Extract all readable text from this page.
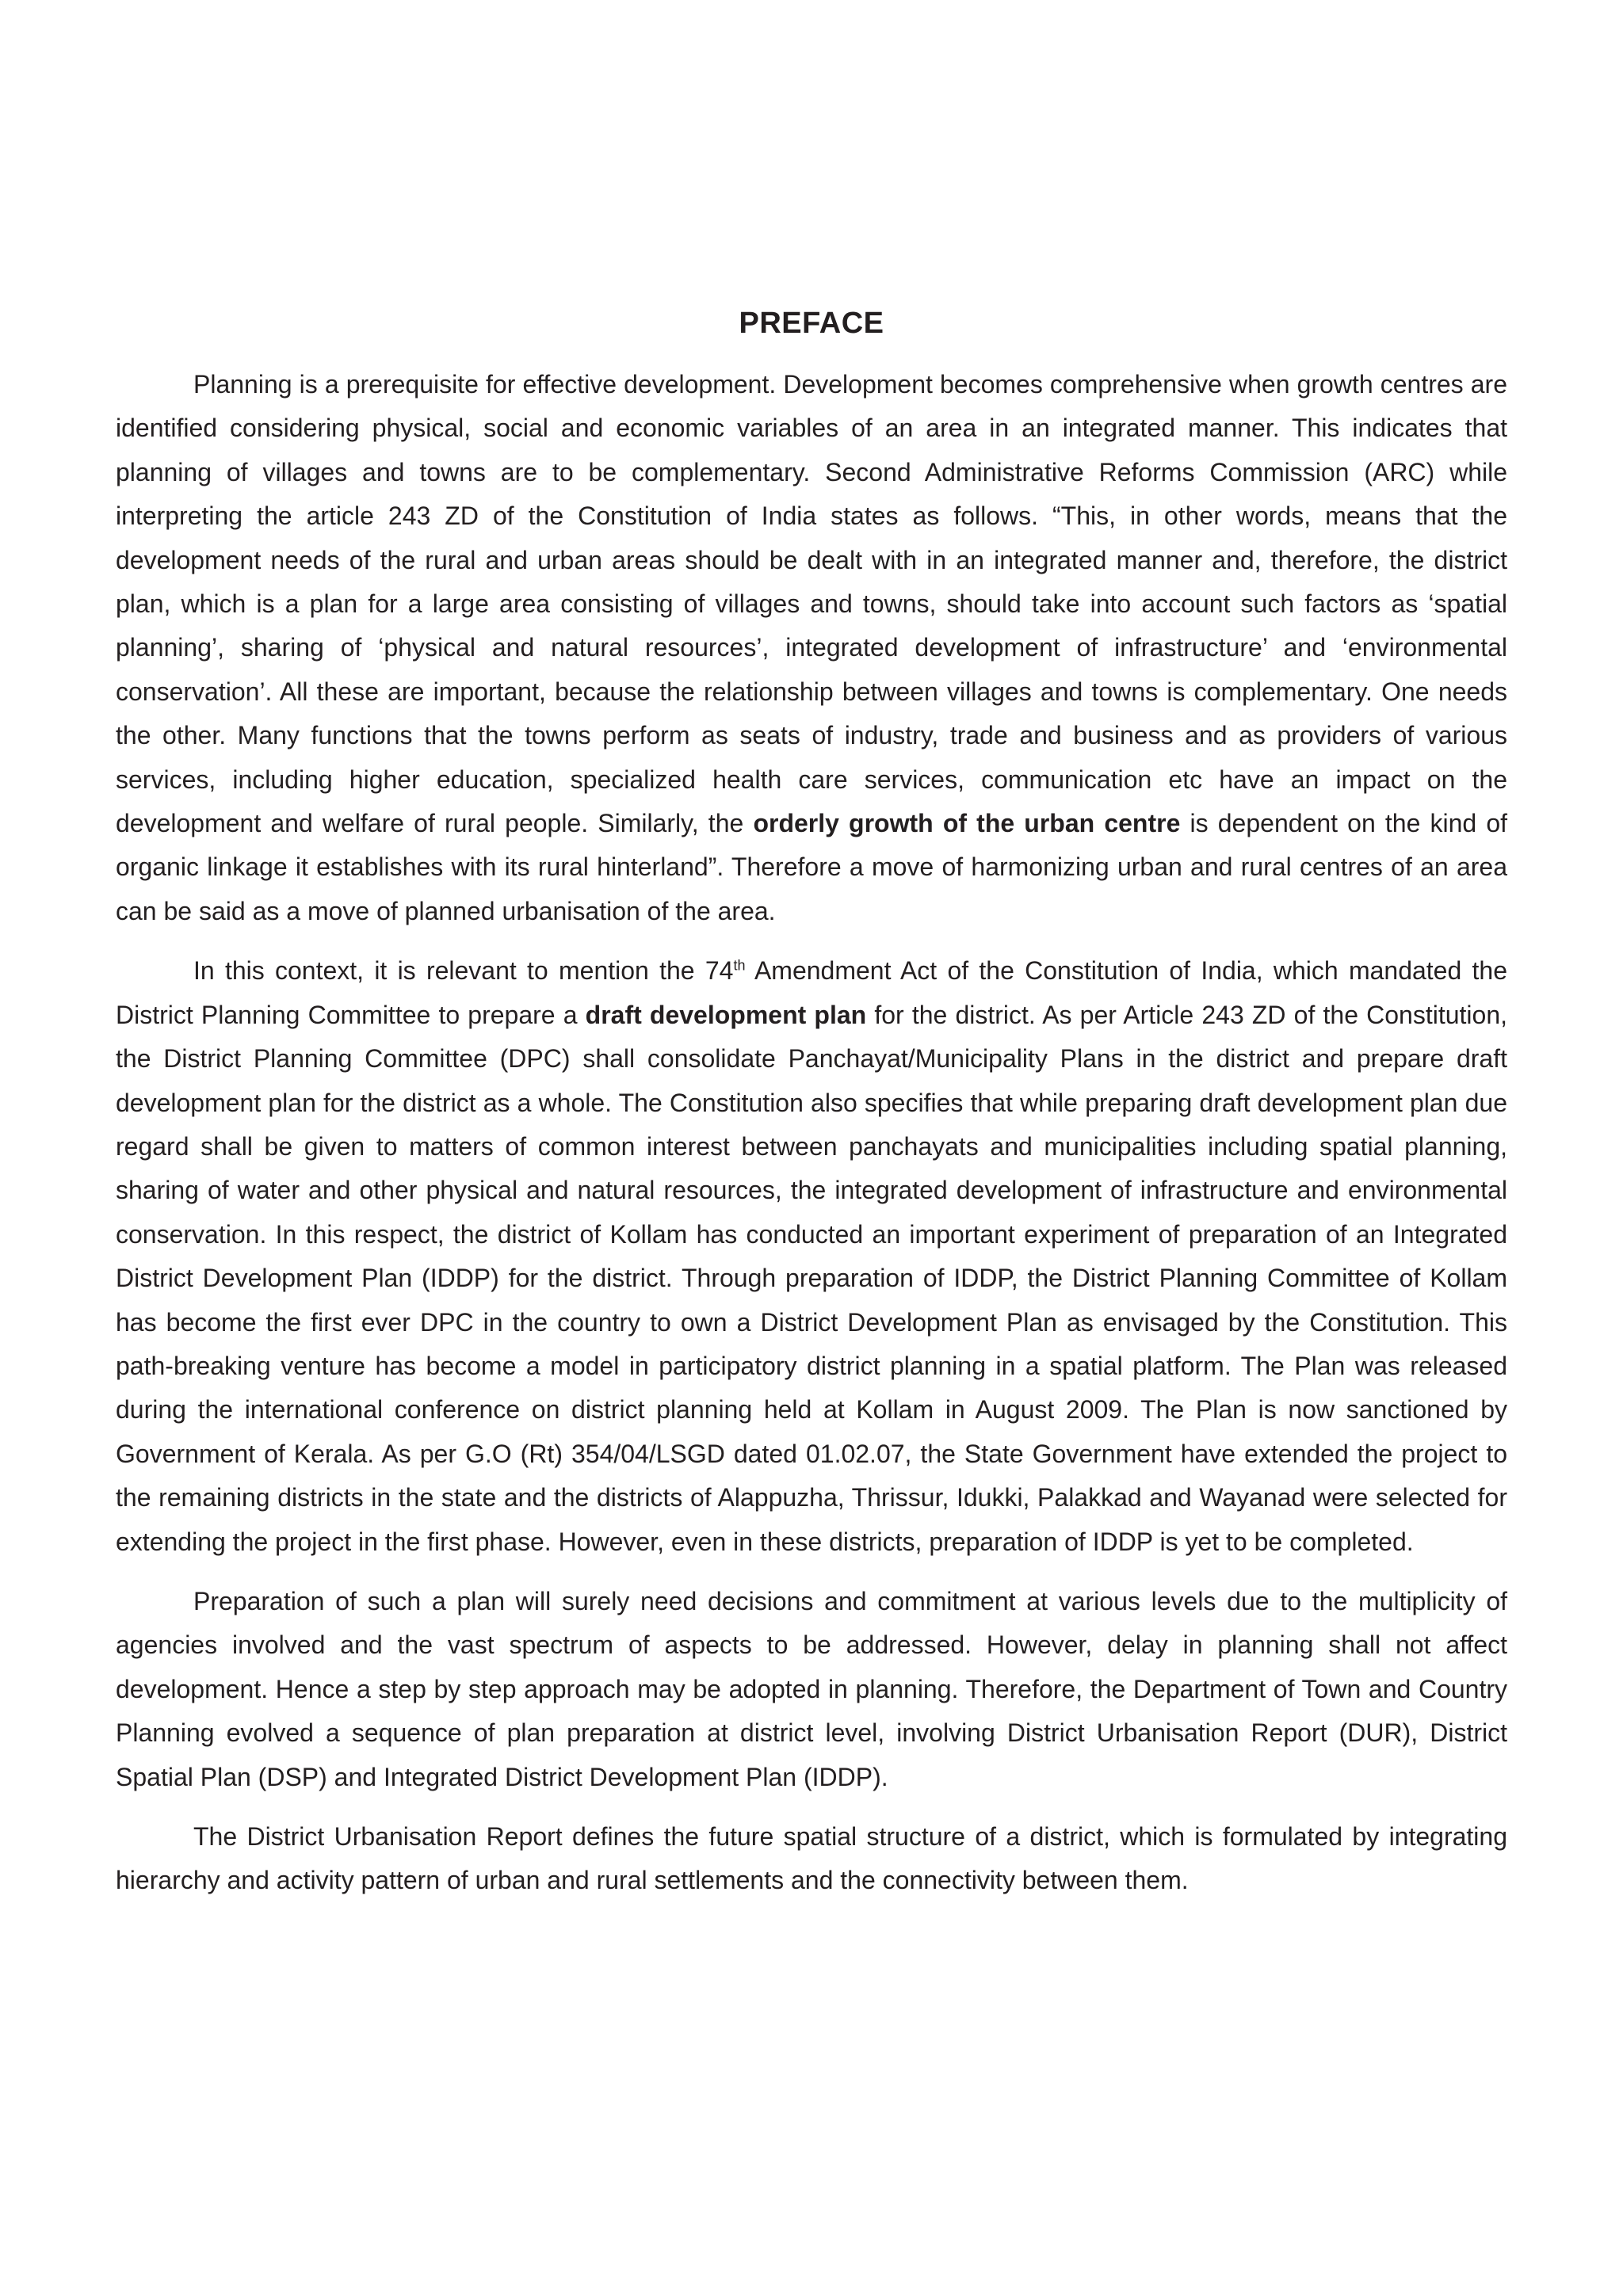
PREFACE

Planning is a prerequisite for effective development. Development becomes comprehensive when growth centres are identified considering physical, social and economic variables of an area in an integrated manner. This indicates that planning of villages and towns are to be complementary. Second Administrative Reforms Commission (ARC) while interpreting the article 243 ZD of the Constitution of India states as follows. “This, in other words, means that the development needs of the rural and urban areas should be dealt with in an integrated manner and, therefore, the district plan, which is a plan for a large area consisting of villages and towns, should take into account such factors as ‘spatial planning’, sharing of ‘physical and natural resources’, integrated development of infrastructure’ and ‘environmental conservation’. All these are important, because the relationship between villages and towns is complementary. One needs the other. Many functions that the towns perform as seats of industry, trade and business and as providers of various services, including higher education, specialized health care services, communication etc have an impact on the development and welfare of rural people. Similarly, the orderly growth of the urban centre is dependent on the kind of organic linkage it establishes with its rural hinterland”. Therefore a move of harmonizing urban and rural centres of an area can be said as a move of planned urbanisation of the area.

In this context, it is relevant to mention the 74th Amendment Act of the Constitution of India, which mandated the District Planning Committee to prepare a draft development plan for the district. As per Article 243 ZD of the Constitution, the District Planning Committee (DPC) shall consolidate Panchayat/Municipality Plans in the district and prepare draft development plan for the district as a whole. The Constitution also specifies that while preparing draft development plan due regard shall be given to matters of common interest between panchayats and municipalities including spatial planning, sharing of water and other physical and natural resources, the integrated development of infrastructure and environmental conservation. In this respect, the district of Kollam has conducted an important experiment of preparation of an Integrated District Development Plan (IDDP) for the district. Through preparation of IDDP, the District Planning Committee of Kollam has become the first ever DPC in the country to own a District Development Plan as envisaged by the Constitution. This path-breaking venture has become a model in participatory district planning in a spatial platform. The Plan was released during the international conference on district planning held at Kollam in August 2009. The Plan is now sanctioned by Government of Kerala. As per G.O (Rt) 354/04/LSGD dated 01.02.07, the State Government have extended the project to the remaining districts in the state and the districts of Alappuzha, Thrissur, Idukki, Palakkad and Wayanad were selected for extending the project in the first phase. However, even in these districts, preparation of IDDP is yet to be completed.

Preparation of such a plan will surely need decisions and commitment at various levels due to the multiplicity of agencies involved and the vast spectrum of aspects to be addressed. However, delay in planning shall not affect development. Hence a step by step approach may be adopted in planning. Therefore, the Department of Town and Country Planning evolved a sequence of plan preparation at district level, involving District Urbanisation Report (DUR), District Spatial Plan (DSP) and Integrated District Development Plan (IDDP).

The District Urbanisation Report defines the future spatial structure of a district, which is formulated by integrating hierarchy and activity pattern of urban and rural settlements and the connectivity between them.
